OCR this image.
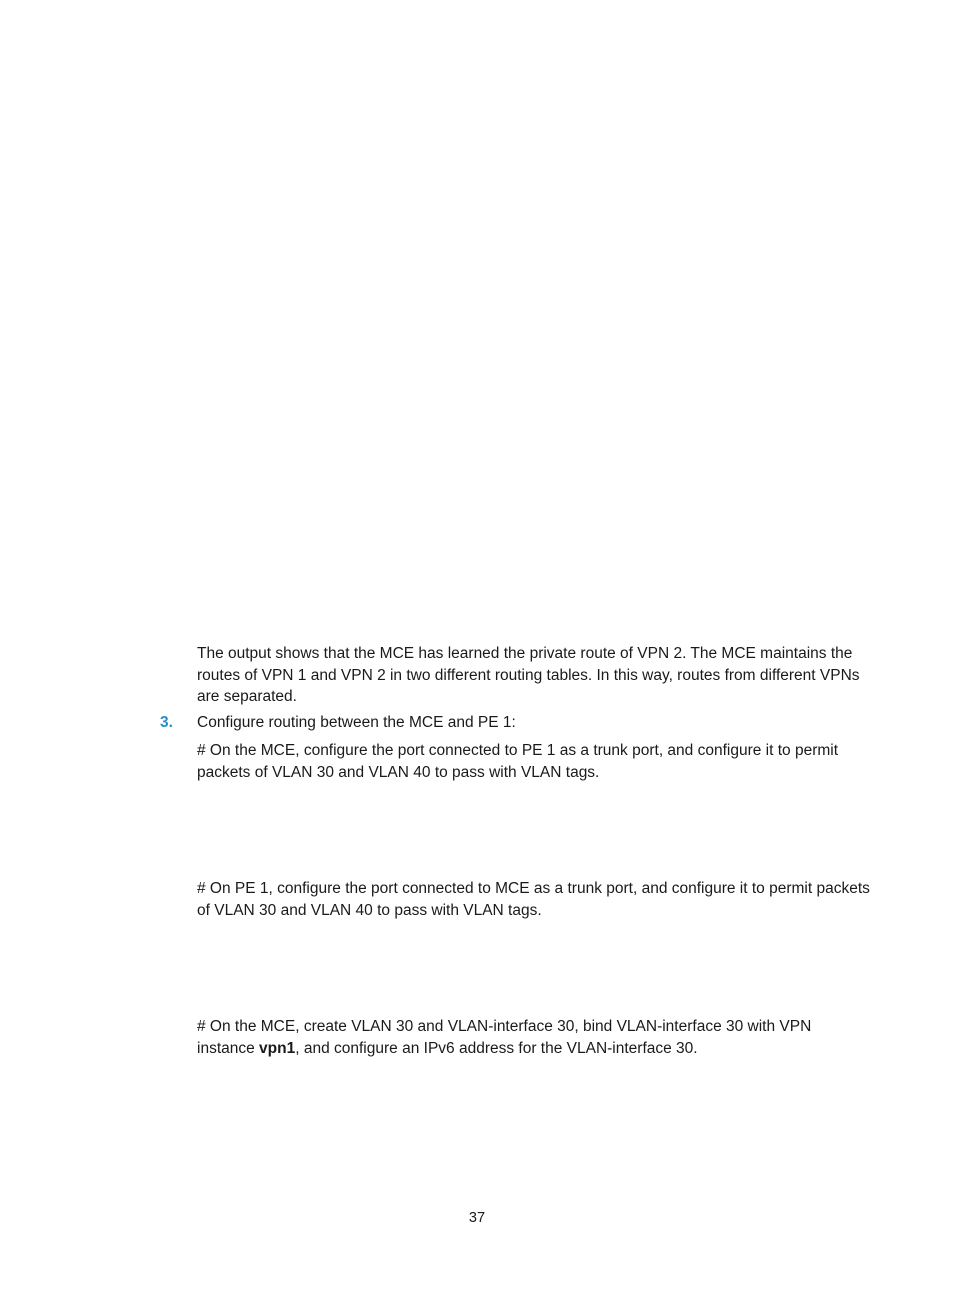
The output shows that the MCE has learned the private route of VPN 2. The MCE maintains the routes of VPN 1 and VPN 2 in two different routing tables. In this way, routes from different VPNs are separated.

3. Configure routing between the MCE and PE 1:

# On the MCE, configure the port connected to PE 1 as a trunk port, and configure it to permit packets of VLAN 30 and VLAN 40 to pass with VLAN tags.

# On PE 1, configure the port connected to MCE as a trunk port, and configure it to permit packets of VLAN 30 and VLAN 40 to pass with VLAN tags.

# On the MCE, create VLAN 30 and VLAN-interface 30, bind VLAN-interface 30 with VPN instance vpn1, and configure an IPv6 address for the VLAN-interface 30.

37
